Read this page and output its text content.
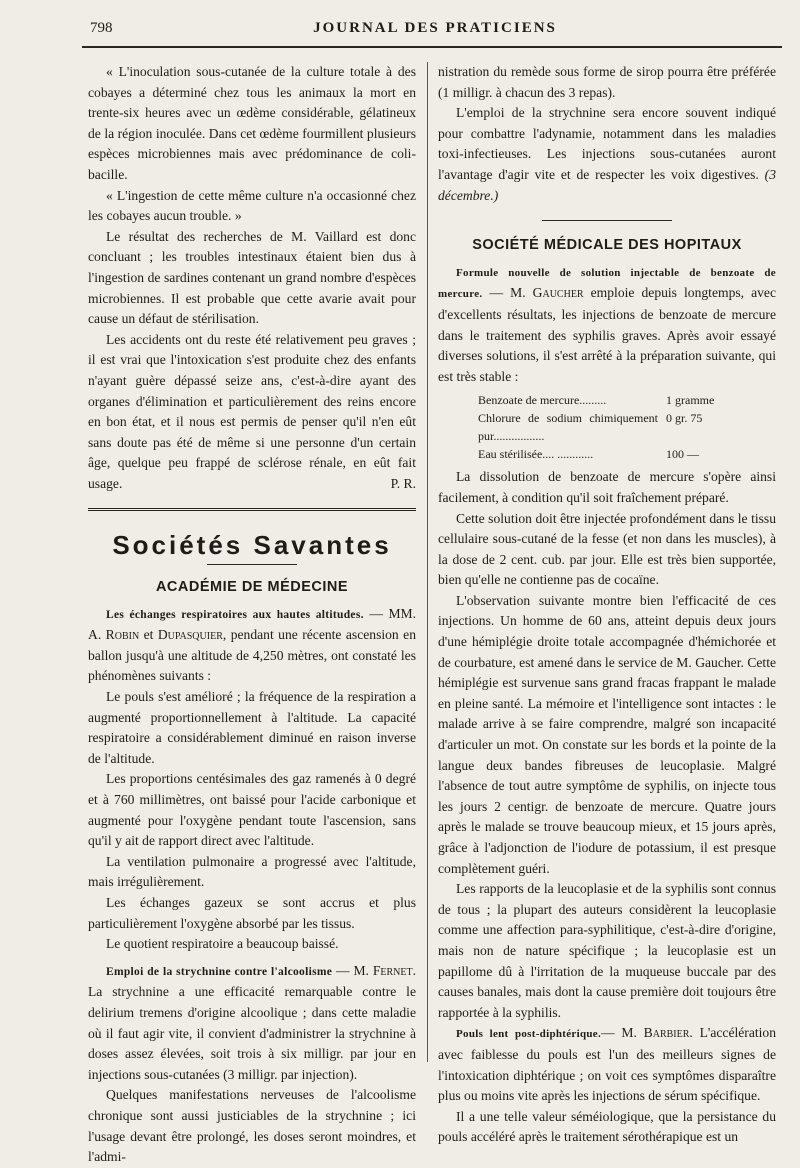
798	JOURNAL DES PRATICIENS

« L'inoculation sous-cutanée de la culture totale à des cobayes a déterminé chez tous les animaux la mort en trente-six heures avec un œdème considérable, gélatineux de la région inoculée. Dans cet œdème fourmillent plusieurs espèces microbiennes mais avec prédominance de coli-bacille.

« L'ingestion de cette même culture n'a occasionné chez les cobayes aucun trouble. »

Le résultat des recherches de M. Vaillard est donc concluant ; les troubles intestinaux étaient bien dus à l'ingestion de sardines contenant un grand nombre d'espèces microbiennes. Il est probable que cette avarie avait pour cause un défaut de stérilisation.

Les accidents ont du reste été relativement peu graves ; il est vrai que l'intoxication s'est produite chez des enfants n'ayant guère dépassé seize ans, c'est-à-dire ayant des organes d'élimination et particulièrement des reins encore en bon état, et il nous est permis de penser qu'il n'en eût sans doute pas été de même si une personne d'un certain âge, quelque peu frappé de sclérose rénale, en eût fait usage.	P. R.

Sociétés Savantes
ACADÉMIE DE MÉDECINE

Les échanges respiratoires aux hautes altitudes. — MM. A. Robin et Dupasquier, pendant une récente ascension en ballon jusqu'à une altitude de 4,250 mètres, ont constaté les phénomènes suivants :

Le pouls s'est amélioré ; la fréquence de la respiration a augmenté proportionnellement à l'altitude. La capacité respiratoire a considérablement diminué en raison inverse de l'altitude.

Les proportions centésimales des gaz ramenés à 0 degré et à 760 millimètres, ont baissé pour l'acide carbonique et augmenté pour l'oxygène pendant toute l'ascension, sans qu'il y ait de rapport direct avec l'altitude.

La ventilation pulmonaire a progressé avec l'altitude, mais irrégulièrement.

Les échanges gazeux se sont accrus et plus particulièrement l'oxygène absorbé par les tissus.

Le quotient respiratoire a beaucoup baissé.

Emploi de la strychnine contre l'alcoolisme — M. Fernet. La strychnine a une efficacité remarquable contre le delirium tremens d'origine alcoolique ; dans cette maladie où il faut agir vite, il convient d'administrer la strychnine à doses assez élevées, soit trois à six milligr. par jour en injections sous-cutanées (3 milligr. par injection).

Quelques manifestations nerveuses de l'alcoolisme chronique sont aussi justiciables de la strychnine ; ici l'usage devant être prolongé, les doses seront moindres, et l'admi-

nistration du remède sous forme de sirop pourra être préférée (1 milligr. à chacun des 3 repas).

L'emploi de la strychnine sera encore souvent indiqué pour combattre l'adynamie, notamment dans les maladies toxi-infectieuses. Les injections sous-cutanées auront l'avantage d'agir vite et de respecter les voix digestives. (3 décembre.)

SOCIÉTÉ MÉDICALE DES HOPITAUX

Formule nouvelle de solution injectable de benzoate de mercure. — M. Gaucher emploie depuis longtemps, avec d'excellents résultats, les injections de benzoate de mercure dans le traitement des syphilis graves. Après avoir essayé diverses solutions, il s'est arrêté à la préparation suivante, qui est très stable :

Benzoate de mercure.........	1 gramme
Chlorure de sodium chimiquement pur.................	0 gr. 75
Eau stérilisée.... ............	100 —

La dissolution de benzoate de mercure s'opère ainsi facilement, à condition qu'il soit fraîchement préparé.

Cette solution doit être injectée profondément dans le tissu cellulaire sous-cutané de la fesse (et non dans les muscles), à la dose de 2 cent. cub. par jour. Elle est très bien supportée, bien qu'elle ne contienne pas de cocaïne.

L'observation suivante montre bien l'efficacité de ces injections. Un homme de 60 ans, atteint depuis deux jours d'une hémiplégie droite totale accompagnée d'hémichorée et de courbature, est amené dans le service de M. Gaucher. Cette hémiplégie est survenue sans grand fracas frappant le malade en pleine santé. La mémoire et l'intelligence sont intactes : le malade arrive à se faire comprendre, malgré son incapacité d'articuler un mot. On constate sur les bords et la pointe de la langue deux bandes fibreuses de leucoplasie. Malgré l'absence de tout autre symptôme de syphilis, on injecte tous les jours 2 centigr. de benzoate de mercure. Quatre jours après le malade se trouve beaucoup mieux, et 15 jours après, grâce à l'adjonction de l'iodure de potassium, il est presque complètement guéri.

Les rapports de la leucoplasie et de la syphilis sont connus de tous ; la plupart des auteurs considèrent la leucoplasie comme une affection para-syphilitique, c'est-à-dire d'origine, mais non de nature spécifique ; la leucoplasie est un papillome dû à l'irritation de la muqueuse buccale par des causes banales, mais dont la cause première doit toujours être rapportée à la syphilis.

Pouls lent post-diphtérique.— M. Barbier. L'accélération avec faiblesse du pouls est l'un des meilleurs signes de l'intoxication diphtérique ; on voit ces symptômes disparaître plus ou moins vite après les injections de sérum spécifique.

Il a une telle valeur séméiologique, que la persistance du pouls accéléré après le traitement sérothérapique est un
